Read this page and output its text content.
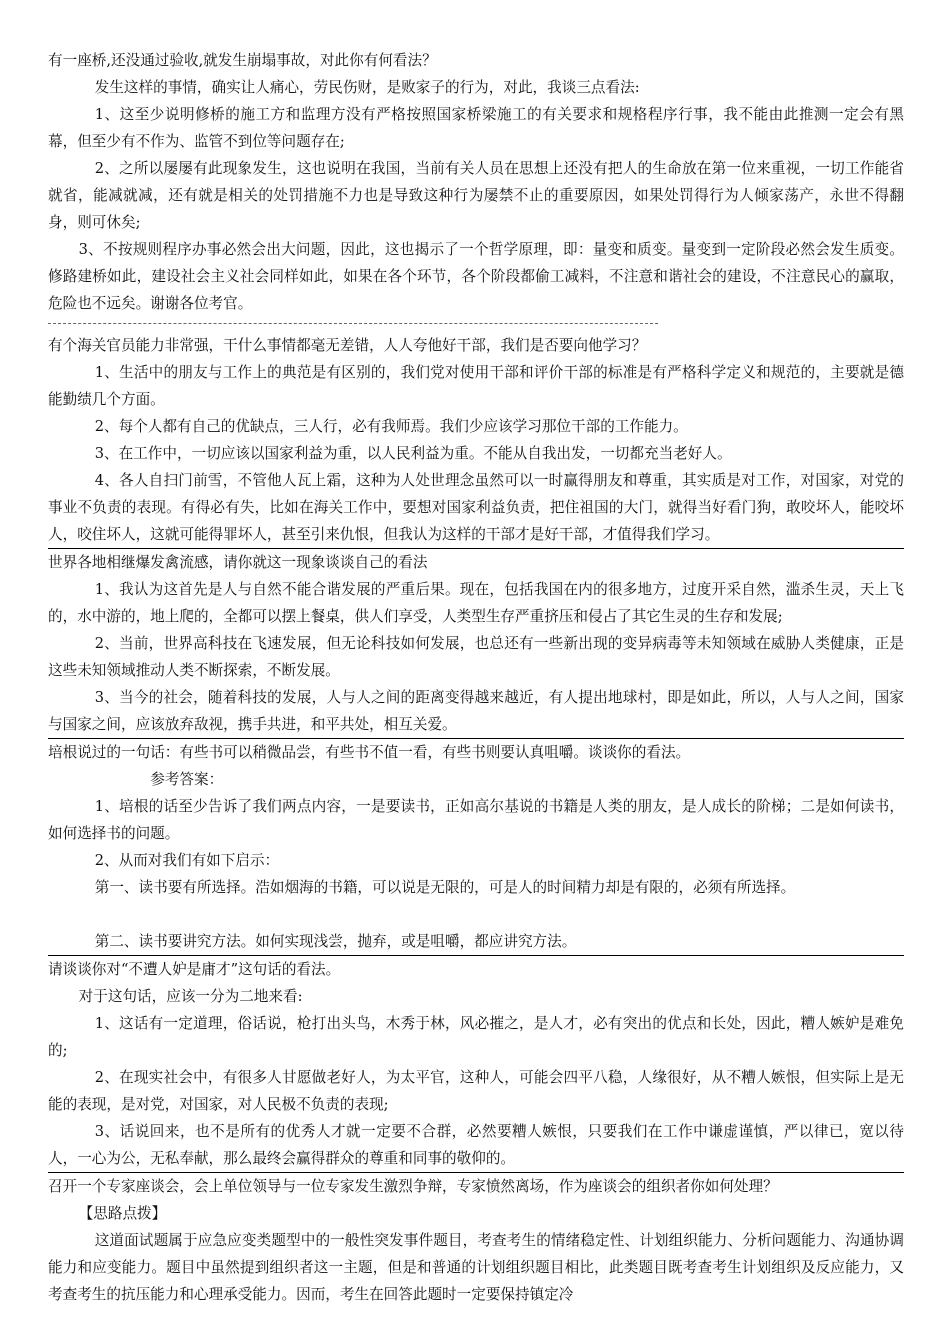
有一座桥,还没通过验收,就发生崩塌事故，对此你有何看法？

发生这样的事情，确实让人痛心，劳民伤财，是败家子的行为，对此，我谈三点看法:

1、这至少说明修桥的施工方和监理方没有严格按照国家桥梁施工的有关要求和规格程序行事，我不能由此推测一定会有黑幕，但至少有不作为、监管不到位等问题存在;

2、之所以屡屡有此现象发生，这也说明在我国，当前有关人员在思想上还没有把人的生命放在第一位来重视，一切工作能省就省，能减就减，还有就是相关的处罚措施不力也是导致这种行为屡禁不止的重要原因，如果处罚得行为人倾家荡产，永世不得翻身，则可休矣;

3、不按规则程序办事必然会出大问题，因此，这也揭示了一个哲学原理，即：量变和质变。量变到一定阶段必然会发生质变。修路建桥如此，建设社会主义社会同样如此，如果在各个环节，各个阶段都偷工减料，不注意和谐社会的建设，不注意民心的赢取，危险也不远矣。谢谢各位考官。

有个海关官员能力非常强，干什么事情都毫无差错，人人夸他好干部，我们是否要向他学习？

1、生活中的朋友与工作上的典范是有区别的，我们党对使用干部和评价干部的标准是有严格科学定义和规范的，主要就是德能勤绩几个方面。

2、每个人都有自己的优缺点，三人行，必有我师焉。我们少应该学习那位干部的工作能力。

3、在工作中，一切应该以国家利益为重，以人民利益为重。不能从自我出发，一切都充当老好人。

4、各人自扫门前雪，不管他人瓦上霜，这种为人处世理念虽然可以一时赢得朋友和尊重，其实质是对工作，对国家，对党的事业不负责的表现。有得必有失，比如在海关工作中，要想对国家利益负责，把住祖国的大门，就得当好看门狗，敢咬坏人，能咬坏人，咬住坏人，这就可能得罪坏人，甚至引来仇恨，但我认为这样的干部才是好干部，才值得我们学习。

世界各地相继爆发禽流感，请你就这一现象谈谈自己的看法

1、我认为这首先是人与自然不能合谐发展的严重后果。现在，包括我国在内的很多地方，过度开采自然，滥杀生灵，天上飞的，水中游的，地上爬的，全都可以摆上餐桌，供人们享受，人类型生存严重挤压和侵占了其它生灵的生存和发展;

2、当前，世界高科技在飞速发展，但无论科技如何发展，也总还有一些新出现的变异病毒等未知领域在威胁人类健康，正是这些未知领域推动人类不断探索，不断发展。

3、当今的社会，随着科技的发展，人与人之间的距离变得越来越近，有人提出地球村，即是如此，所以，人与人之间，国家与国家之间，应该放弃敌视，携手共进，和平共处，相互关爱。

培根说过的一句话：有些书可以稍微品尝，有些书不值一看，有些书则要认真咀嚼。谈谈你的看法。

参考答案：

1、培根的话至少告诉了我们两点内容，一是要读书，正如高尔基说的书籍是人类的朋友，是人成长的阶梯；二是如何读书，如何选择书的问题。

2、从而对我们有如下启示：

第一、读书要有所选择。浩如烟海的书籍，可以说是无限的，可是人的时间精力却是有限的，必须有所选择。

第二、读书要讲究方法。如何实现浅尝，抛弃，或是咀嚼，都应讲究方法。

请谈谈你对“不遭人妒是庸才”这句话的看法。

对于这句话，应该一分为二地来看:

1、这话有一定道理，俗话说，枪打出头鸟，木秀于林，风必摧之，是人才，必有突出的优点和长处，因此，糟人嫉妒是难免的;

2、在现实社会中，有很多人甘愿做老好人，为太平官，这种人，可能会四平八稳，人缘很好，从不糟人嫉恨，但实际上是无能的表现，是对党，对国家，对人民极不负责的表现;

3、话说回来，也不是所有的优秀人才就一定要不合群，必然要糟人嫉恨，只要我们在工作中谦虚谨慎，严以律已，宽以待人，一心为公，无私奉献，那么最终会赢得群众的尊重和同事的敬仰的。

召开一个专家座谈会，会上单位领导与一位专家发生激烈争辩，专家愤然离场，作为座谈会的组织者你如何处理？

【思路点拨】

这道面试题属于应急应变类题型中的一般性突发事件题目，考查考生的情绪稳定性、计划组织能力、分析问题能力、沟通协调能力和应变能力。题目中虽然提到组织者这一主题，但是和普通的计划组织题目相比，此类题目既考查考生计划组织及反应能力，又考查考生的抗压能力和心理承受能力。因而，考生在回答此题时一定要保持镇定冷
